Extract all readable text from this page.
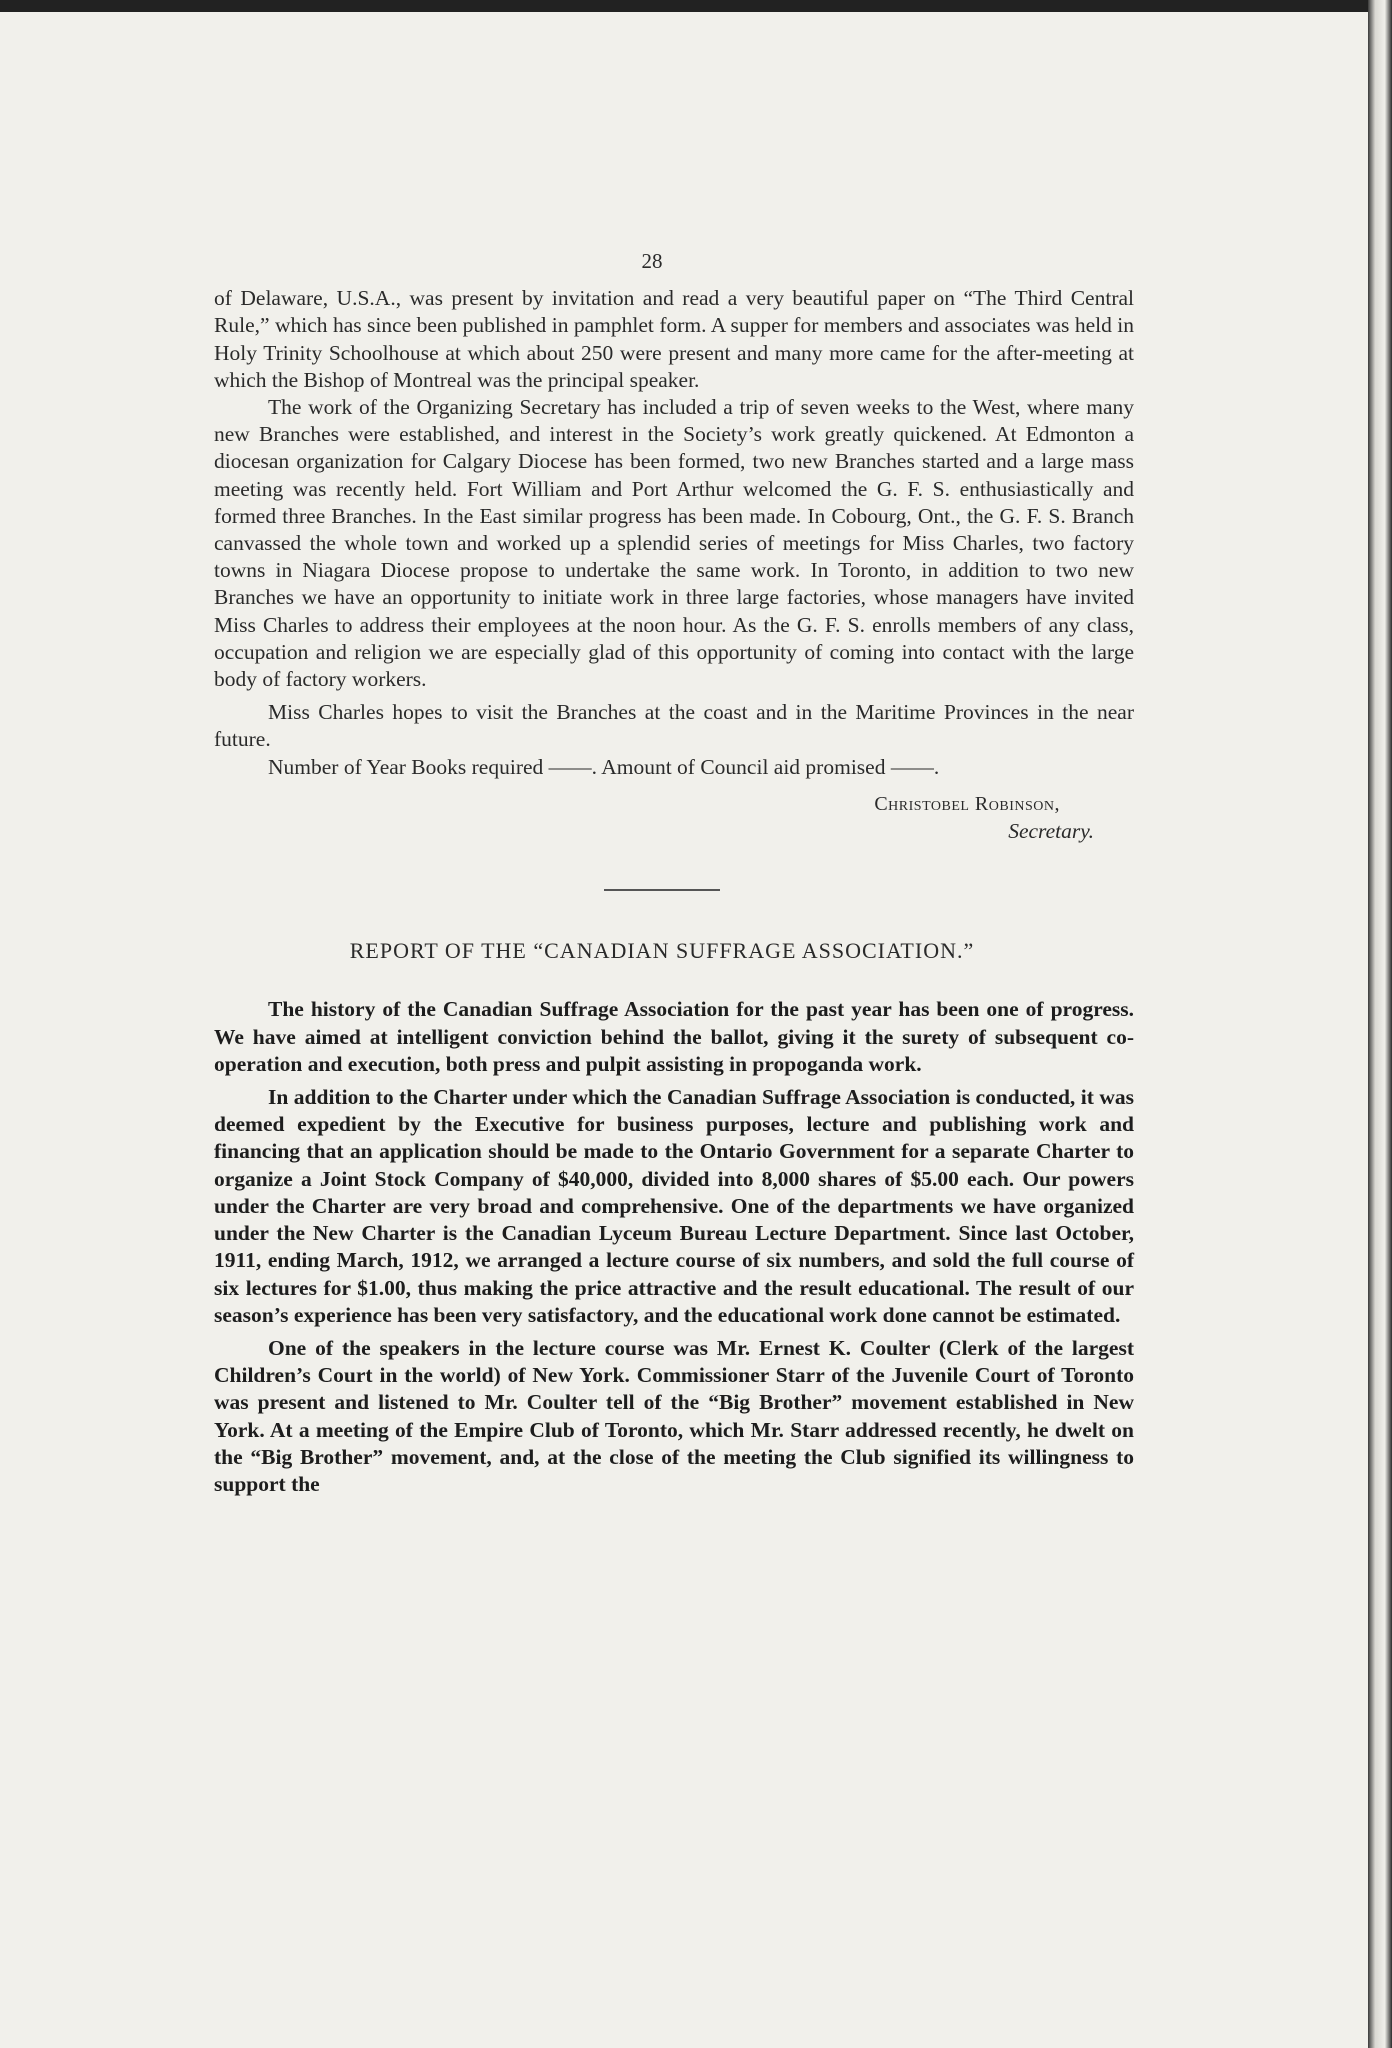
28

of Delaware, U.S.A., was present by invitation and read a very beautiful paper on “The Third Central Rule,” which has since been published in pamphlet form. A supper for members and associates was held in Holy Trinity Schoolhouse at which about 250 were present and many more came for the after-meeting at which the Bishop of Montreal was the principal speaker.

The work of the Organizing Secretary has included a trip of seven weeks to the West, where many new Branches were established, and interest in the Society’s work greatly quickened. At Edmonton a diocesan organization for Calgary Diocese has been formed, two new Branches started and a large mass meeting was recently held. Fort William and Port Arthur welcomed the G. F. S. enthusiastically and formed three Branches. In the East similar progress has been made. In Cobourg, Ont., the G. F. S. Branch canvassed the whole town and worked up a splendid series of meetings for Miss Charles, two factory towns in Niagara Diocese propose to undertake the same work. In Toronto, in addition to two new Branches we have an opportunity to initiate work in three large factories, whose managers have invited Miss Charles to address their employees at the noon hour. As the G. F. S. enrolls members of any class, occupation and religion we are especially glad of this opportunity of coming into contact with the large body of factory workers.

Miss Charles hopes to visit the Branches at the coast and in the Maritime Provinces in the near future.

Number of Year Books required ——. Amount of Council aid promised ——.

Christobel Robinson,
Secretary.
REPORT OF THE “CANADIAN SUFFRAGE ASSOCIATION.”

The history of the Canadian Suffrage Association for the past year has been one of progress. We have aimed at intelligent conviction behind the ballot, giving it the surety of subsequent co-operation and execution, both press and pulpit assisting in propoganda work.

In addition to the Charter under which the Canadian Suffrage Association is conducted, it was deemed expedient by the Executive for business purposes, lecture and publishing work and financing that an application should be made to the Ontario Government for a separate Charter to organize a Joint Stock Company of $40,000, divided into 8,000 shares of $5.00 each. Our powers under the Charter are very broad and comprehensive. One of the departments we have organized under the New Charter is the Canadian Lyceum Bureau Lecture Department. Since last October, 1911, ending March, 1912, we arranged a lecture course of six numbers, and sold the full course of six lectures for $1.00, thus making the price attractive and the result educational. The result of our season’s experience has been very satisfactory, and the educational work done cannot be estimated.

One of the speakers in the lecture course was Mr. Ernest K. Coulter (Clerk of the largest Children’s Court in the world) of New York. Commissioner Starr of the Juvenile Court of Toronto was present and listened to Mr. Coulter tell of the “Big Brother” movement established in New York. At a meeting of the Empire Club of Toronto, which Mr. Starr addressed recently, he dwelt on the “Big Brother” movement, and, at the close of the meeting the Club signified its willingness to support the
